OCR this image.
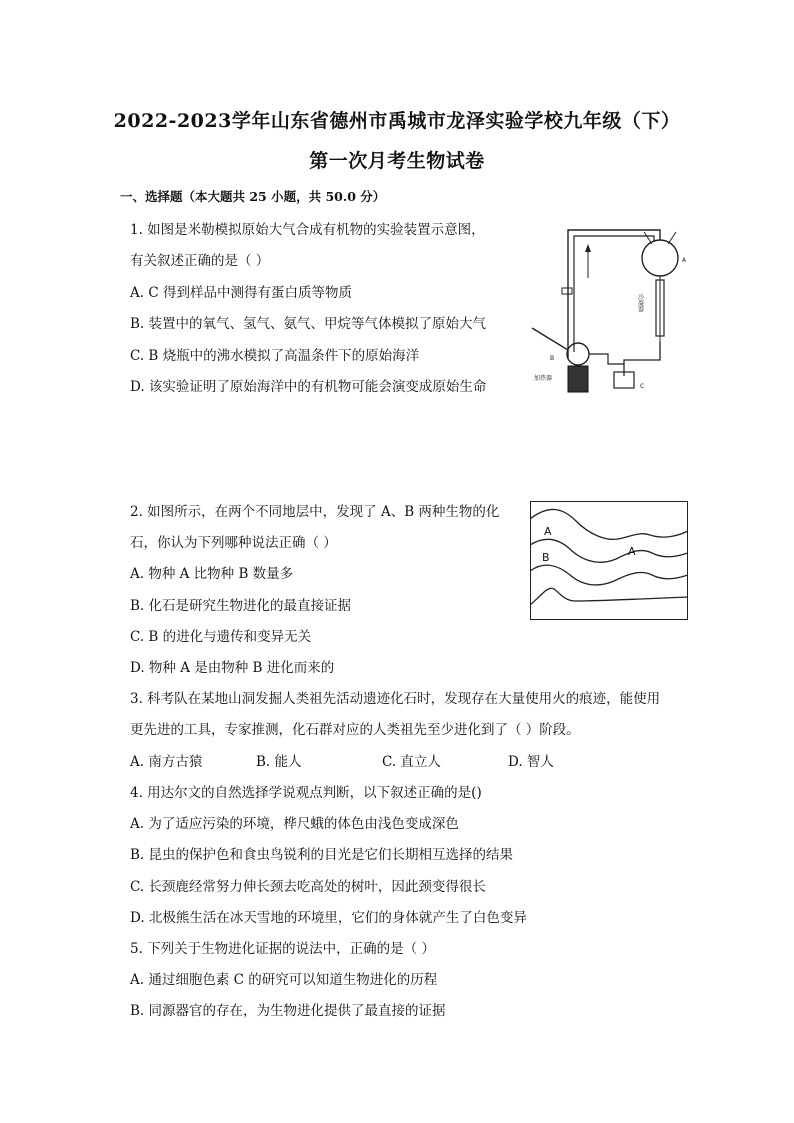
2022-2023学年山东省德州市禹城市龙泽实验学校九年级（下）
第一次月考生物试卷
一、选择题（本大题共 25 小题，共 50.0 分）
1. 如图是米勒模拟原始大气合成有机物的实验装置示意图，
有关叙述正确的是（ ）
A. C 得到样品中测得有蛋白质等物质
B. 装置中的氧气、氢气、氨气、甲烷等气体模拟了原始大气
C. B 烧瓶中的沸水模拟了高温条件下的原始海洋
D. 该实验证明了原始海洋中的有机物可能会演变成原始生命
A
冷凝器
C
B
加热器
2. 如图所示，在两个不同地层中，发现了 A、B 两种生物的化
石，你认为下列哪种说法正确（ ）
A. 物种 A 比物种 B 数量多
B. 化石是研究生物进化的最直接证据
C. B 的进化与遗传和变异无关
D. 物种 A 是由物种 B 进化而来的
A
B	A
3. 科考队在某地山洞发掘人类祖先活动遗迹化石时，发现存在大量使用火的痕迹，能使用
更先进的工具，专家推测，化石群对应的人类祖先至少进化到了（ ）阶段。
A. 南方古猿	B. 能人	C. 直立人	D. 智人
4. 用达尔文的自然选择学说观点判断，以下叙述正确的是()
A. 为了适应污染的环境，桦尺蛾的体色由浅色变成深色
B. 昆虫的保护色和食虫鸟锐利的目光是它们长期相互选择的结果
C. 长颈鹿经常努力伸长颈去吃高处的树叶，因此颈变得很长
D. 北极熊生活在冰天雪地的环境里，它们的身体就产生了白色变异
5. 下列关于生物进化证据的说法中，正确的是（ ）
A. 通过细胞色素 C 的研究可以知道生物进化的历程
B. 同源器官的存在，为生物进化提供了最直接的证据
